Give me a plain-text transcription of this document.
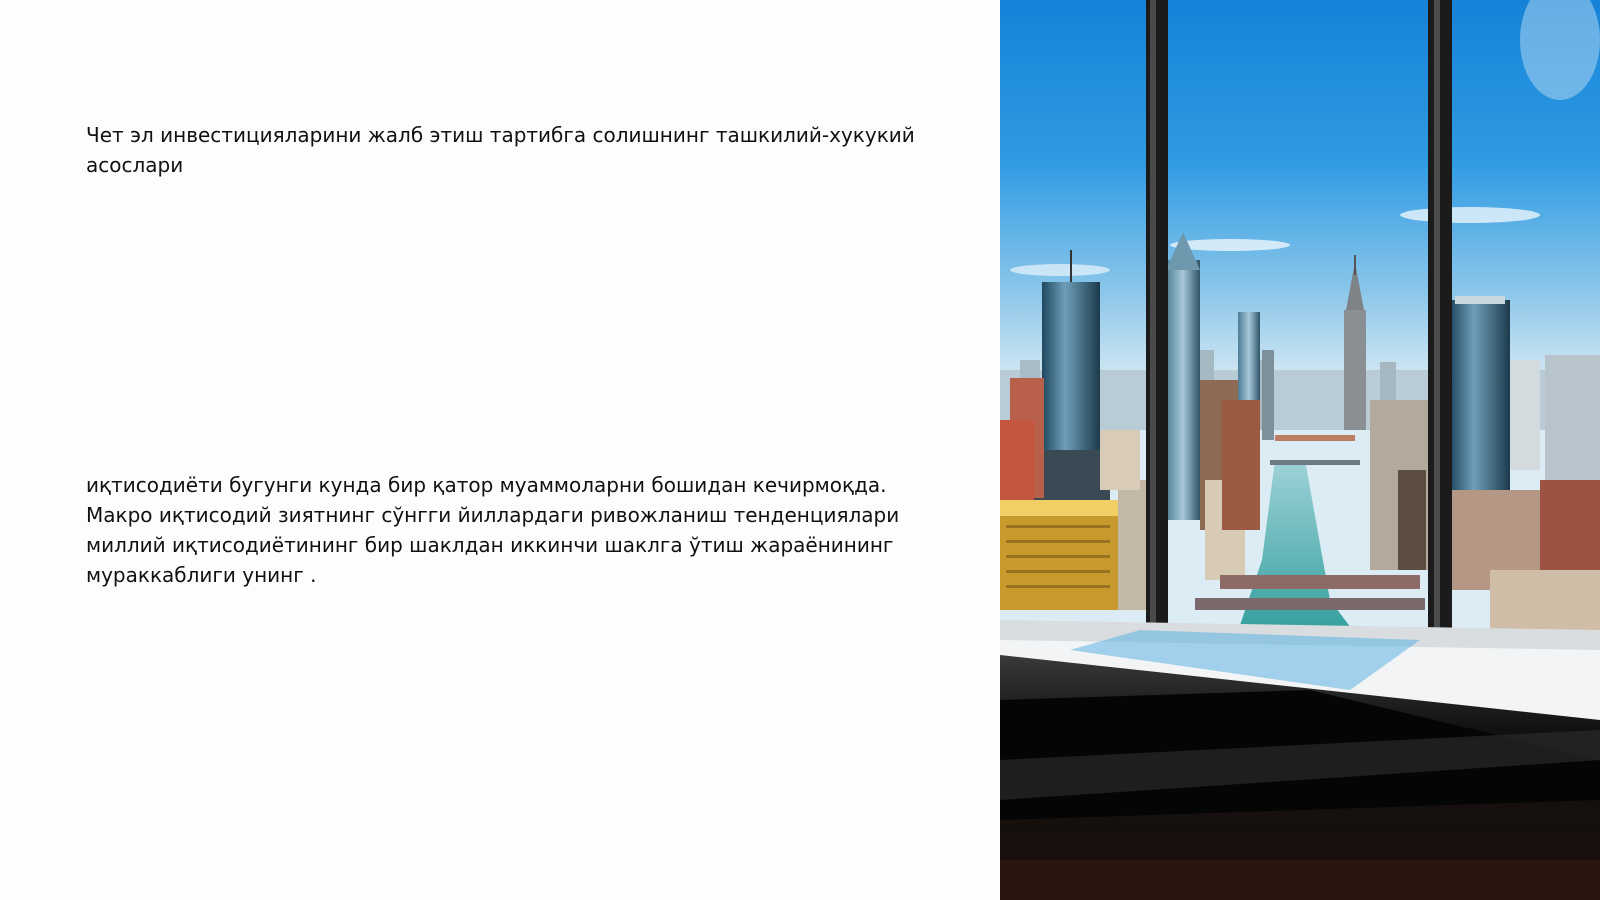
Чет эл инвестицияларини жалб этиш тартибга солишнинг ташкилий-хукукий асослари

иқтисодиёти бугунги кунда бир қатор муаммоларни бошидан кечирмоқда. Макро иқтисодий зиятнинг сўнгги йиллардаги ривожланиш тенденциялари миллий иқтисодиётининг бир шаклдан иккинчи шаклга ўтиш жараёнининг мураккаблиги унинг .
